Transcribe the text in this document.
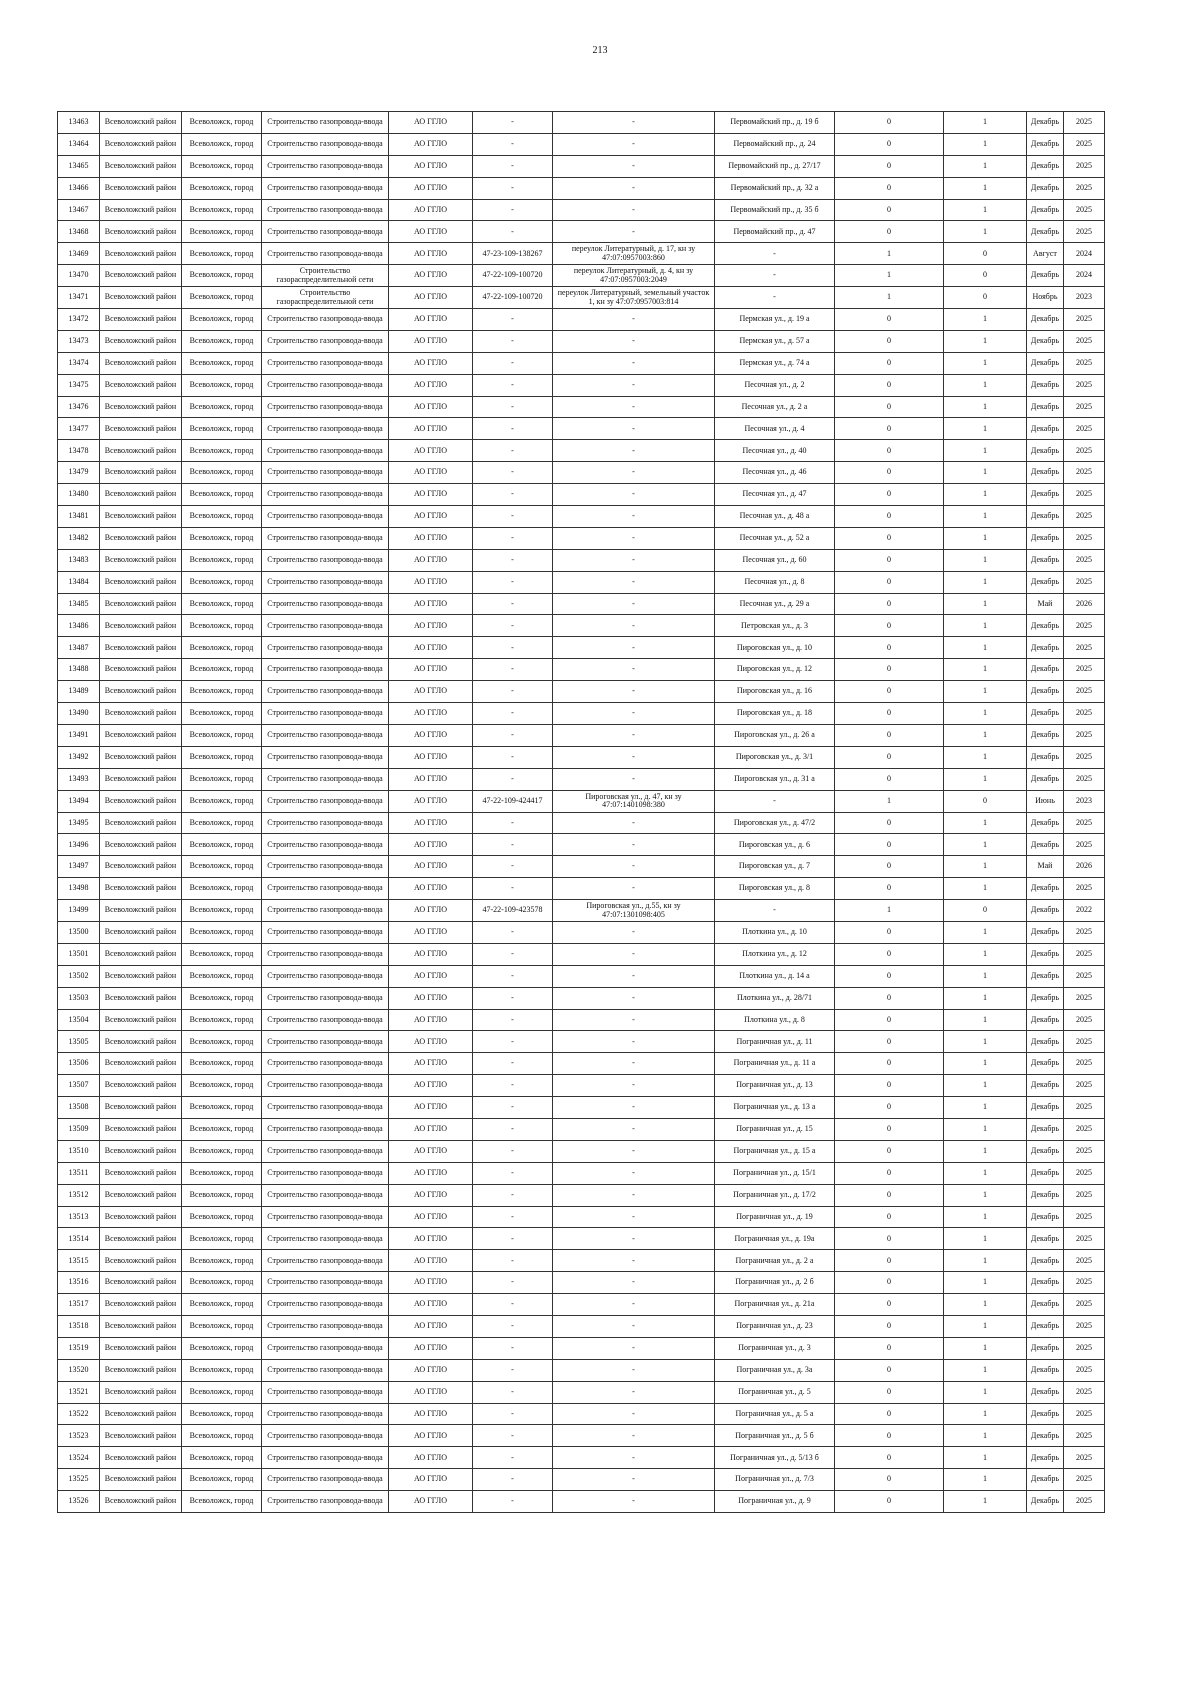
213
13463	Всеволожский район	Всеволожск, город	Строительство газопровода-ввода	АО ГГЛО	-	-	Первомайский пр., д. 19 б	0	1	Декабрь	2025
13464	Всеволожский район	Всеволожск, город	Строительство газопровода-ввода	АО ГГЛО	-	-	Первомайский пр., д. 24	0	1	Декабрь	2025
13465	Всеволожский район	Всеволожск, город	Строительство газопровода-ввода	АО ГГЛО	-	-	Первомайский пр., д. 27/17	0	1	Декабрь	2025
13466	Всеволожский район	Всеволожск, город	Строительство газопровода-ввода	АО ГГЛО	-	-	Первомайский пр., д. 32 а	0	1	Декабрь	2025
13467	Всеволожский район	Всеволожск, город	Строительство газопровода-ввода	АО ГГЛО	-	-	Первомайский пр., д. 35 б	0	1	Декабрь	2025
13468	Всеволожский район	Всеволожск, город	Строительство газопровода-ввода	АО ГГЛО	-	-	Первомайский пр., д. 47	0	1	Декабрь	2025
13469	Всеволожский район	Всеволожск, город	Строительство газопровода-ввода	АО ГГЛО	47-23-109-138267	переулок Литературный, д. 17, кн зу 47:07:0957003:860	-	1	0	Август	2024
13470	Всеволожский район	Всеволожск, город	Строительство газораспределительной сети	АО ГГЛО	47-22-109-100720	переулок Литературный, д. 4, кн зу 47:07:0957003:2049	-	1	0	Декабрь	2024
13471	Всеволожский район	Всеволожск, город	Строительство газораспределительной сети	АО ГГЛО	47-22-109-100720	переулок Литературный, земельный участок 1, кн зу 47:07:0957003:814	-	1	0	Ноябрь	2023
13472	Всеволожский район	Всеволожск, город	Строительство газопровода-ввода	АО ГГЛО	-	-	Пермская ул., д. 19 а	0	1	Декабрь	2025
13473	Всеволожский район	Всеволожск, город	Строительство газопровода-ввода	АО ГГЛО	-	-	Пермская ул., д. 57 а	0	1	Декабрь	2025
13474	Всеволожский район	Всеволожск, город	Строительство газопровода-ввода	АО ГГЛО	-	-	Пермская ул., д. 74 а	0	1	Декабрь	2025
13475	Всеволожский район	Всеволожск, город	Строительство газопровода-ввода	АО ГГЛО	-	-	Песочная ул., д. 2	0	1	Декабрь	2025
13476	Всеволожский район	Всеволожск, город	Строительство газопровода-ввода	АО ГГЛО	-	-	Песочная ул., д. 2 а	0	1	Декабрь	2025
13477	Всеволожский район	Всеволожск, город	Строительство газопровода-ввода	АО ГГЛО	-	-	Песочная ул., д. 4	0	1	Декабрь	2025
13478	Всеволожский район	Всеволожск, город	Строительство газопровода-ввода	АО ГГЛО	-	-	Песочная ул., д. 40	0	1	Декабрь	2025
13479	Всеволожский район	Всеволожск, город	Строительство газопровода-ввода	АО ГГЛО	-	-	Песочная ул., д. 46	0	1	Декабрь	2025
13480	Всеволожский район	Всеволожск, город	Строительство газопровода-ввода	АО ГГЛО	-	-	Песочная ул., д. 47	0	1	Декабрь	2025
13481	Всеволожский район	Всеволожск, город	Строительство газопровода-ввода	АО ГГЛО	-	-	Песочная ул., д. 48 а	0	1	Декабрь	2025
13482	Всеволожский район	Всеволожск, город	Строительство газопровода-ввода	АО ГГЛО	-	-	Песочная ул., д. 52 а	0	1	Декабрь	2025
13483	Всеволожский район	Всеволожск, город	Строительство газопровода-ввода	АО ГГЛО	-	-	Песочная ул., д. 60	0	1	Декабрь	2025
13484	Всеволожский район	Всеволожск, город	Строительство газопровода-ввода	АО ГГЛО	-	-	Песочная ул., д. 8	0	1	Декабрь	2025
13485	Всеволожский район	Всеволожск, город	Строительство газопровода-ввода	АО ГГЛО	-	-	Песочная ул., д. 29 а	0	1	Май	2026
13486	Всеволожский район	Всеволожск, город	Строительство газопровода-ввода	АО ГГЛО	-	-	Петровская ул., д. 3	0	1	Декабрь	2025
13487	Всеволожский район	Всеволожск, город	Строительство газопровода-ввода	АО ГГЛО	-	-	Пироговская ул., д. 10	0	1	Декабрь	2025
13488	Всеволожский район	Всеволожск, город	Строительство газопровода-ввода	АО ГГЛО	-	-	Пироговская ул., д. 12	0	1	Декабрь	2025
13489	Всеволожский район	Всеволожск, город	Строительство газопровода-ввода	АО ГГЛО	-	-	Пироговская ул., д. 16	0	1	Декабрь	2025
13490	Всеволожский район	Всеволожск, город	Строительство газопровода-ввода	АО ГГЛО	-	-	Пироговская ул., д. 18	0	1	Декабрь	2025
13491	Всеволожский район	Всеволожск, город	Строительство газопровода-ввода	АО ГГЛО	-	-	Пироговская ул., д. 26 а	0	1	Декабрь	2025
13492	Всеволожский район	Всеволожск, город	Строительство газопровода-ввода	АО ГГЛО	-	-	Пироговская ул., д. 3/1	0	1	Декабрь	2025
13493	Всеволожский район	Всеволожск, город	Строительство газопровода-ввода	АО ГГЛО	-	-	Пироговская ул., д. 31 а	0	1	Декабрь	2025
13494	Всеволожский район	Всеволожск, город	Строительство газопровода-ввода	АО ГГЛО	47-22-109-424417	Пироговская ул., д. 47, кн зу 47:07:1401098:380	-	1	0	Июнь	2023
13495	Всеволожский район	Всеволожск, город	Строительство газопровода-ввода	АО ГГЛО	-	-	Пироговская ул., д. 47/2	0	1	Декабрь	2025
13496	Всеволожский район	Всеволожск, город	Строительство газопровода-ввода	АО ГГЛО	-	-	Пироговская ул., д. 6	0	1	Декабрь	2025
13497	Всеволожский район	Всеволожск, город	Строительство газопровода-ввода	АО ГГЛО	-	-	Пироговская ул., д. 7	0	1	Май	2026
13498	Всеволожский район	Всеволожск, город	Строительство газопровода-ввода	АО ГГЛО	-	-	Пироговская ул., д. 8	0	1	Декабрь	2025
13499	Всеволожский район	Всеволожск, город	Строительство газопровода-ввода	АО ГГЛО	47-22-109-423578	Пироговская ул., д.55, кн зу 47:07:1301098:405	-	1	0	Декабрь	2022
13500	Всеволожский район	Всеволожск, город	Строительство газопровода-ввода	АО ГГЛО	-	-	Плоткина ул., д. 10	0	1	Декабрь	2025
13501	Всеволожский район	Всеволожск, город	Строительство газопровода-ввода	АО ГГЛО	-	-	Плоткина ул., д. 12	0	1	Декабрь	2025
13502	Всеволожский район	Всеволожск, город	Строительство газопровода-ввода	АО ГГЛО	-	-	Плоткина ул., д. 14 а	0	1	Декабрь	2025
13503	Всеволожский район	Всеволожск, город	Строительство газопровода-ввода	АО ГГЛО	-	-	Плоткина ул., д. 28/71	0	1	Декабрь	2025
13504	Всеволожский район	Всеволожск, город	Строительство газопровода-ввода	АО ГГЛО	-	-	Плоткина ул., д. 8	0	1	Декабрь	2025
13505	Всеволожский район	Всеволожск, город	Строительство газопровода-ввода	АО ГГЛО	-	-	Пограничная ул., д. 11	0	1	Декабрь	2025
13506	Всеволожский район	Всеволожск, город	Строительство газопровода-ввода	АО ГГЛО	-	-	Пограничная ул., д. 11 а	0	1	Декабрь	2025
13507	Всеволожский район	Всеволожск, город	Строительство газопровода-ввода	АО ГГЛО	-	-	Пограничная ул., д. 13	0	1	Декабрь	2025
13508	Всеволожский район	Всеволожск, город	Строительство газопровода-ввода	АО ГГЛО	-	-	Пограничная ул., д. 13 а	0	1	Декабрь	2025
13509	Всеволожский район	Всеволожск, город	Строительство газопровода-ввода	АО ГГЛО	-	-	Пограничная ул., д. 15	0	1	Декабрь	2025
13510	Всеволожский район	Всеволожск, город	Строительство газопровода-ввода	АО ГГЛО	-	-	Пограничная ул., д. 15 а	0	1	Декабрь	2025
13511	Всеволожский район	Всеволожск, город	Строительство газопровода-ввода	АО ГГЛО	-	-	Пограничная ул., д. 15/1	0	1	Декабрь	2025
13512	Всеволожский район	Всеволожск, город	Строительство газопровода-ввода	АО ГГЛО	-	-	Пограничная ул., д. 17/2	0	1	Декабрь	2025
13513	Всеволожский район	Всеволожск, город	Строительство газопровода-ввода	АО ГГЛО	-	-	Пограничная ул., д. 19	0	1	Декабрь	2025
13514	Всеволожский район	Всеволожск, город	Строительство газопровода-ввода	АО ГГЛО	-	-	Пограничная ул., д. 19а	0	1	Декабрь	2025
13515	Всеволожский район	Всеволожск, город	Строительство газопровода-ввода	АО ГГЛО	-	-	Пограничная ул., д. 2 а	0	1	Декабрь	2025
13516	Всеволожский район	Всеволожск, город	Строительство газопровода-ввода	АО ГГЛО	-	-	Пограничная ул., д. 2 б	0	1	Декабрь	2025
13517	Всеволожский район	Всеволожск, город	Строительство газопровода-ввода	АО ГГЛО	-	-	Пограничная ул., д. 21а	0	1	Декабрь	2025
13518	Всеволожский район	Всеволожск, город	Строительство газопровода-ввода	АО ГГЛО	-	-	Пограничная ул., д. 23	0	1	Декабрь	2025
13519	Всеволожский район	Всеволожск, город	Строительство газопровода-ввода	АО ГГЛО	-	-	Пограничная ул., д. 3	0	1	Декабрь	2025
13520	Всеволожский район	Всеволожск, город	Строительство газопровода-ввода	АО ГГЛО	-	-	Пограничная ул., д. 3а	0	1	Декабрь	2025
13521	Всеволожский район	Всеволожск, город	Строительство газопровода-ввода	АО ГГЛО	-	-	Пограничная ул., д. 5	0	1	Декабрь	2025
13522	Всеволожский район	Всеволожск, город	Строительство газопровода-ввода	АО ГГЛО	-	-	Пограничная ул., д. 5 а	0	1	Декабрь	2025
13523	Всеволожский район	Всеволожск, город	Строительство газопровода-ввода	АО ГГЛО	-	-	Пограничная ул., д. 5 б	0	1	Декабрь	2025
13524	Всеволожский район	Всеволожск, город	Строительство газопровода-ввода	АО ГГЛО	-	-	Пограничная ул., д. 5/13 б	0	1	Декабрь	2025
13525	Всеволожский район	Всеволожск, город	Строительство газопровода-ввода	АО ГГЛО	-	-	Пограничная ул., д. 7/3	0	1	Декабрь	2025
13526	Всеволожский район	Всеволожск, город	Строительство газопровода-ввода	АО ГГЛО	-	-	Пограничная ул., д. 9	0	1	Декабрь	2025
